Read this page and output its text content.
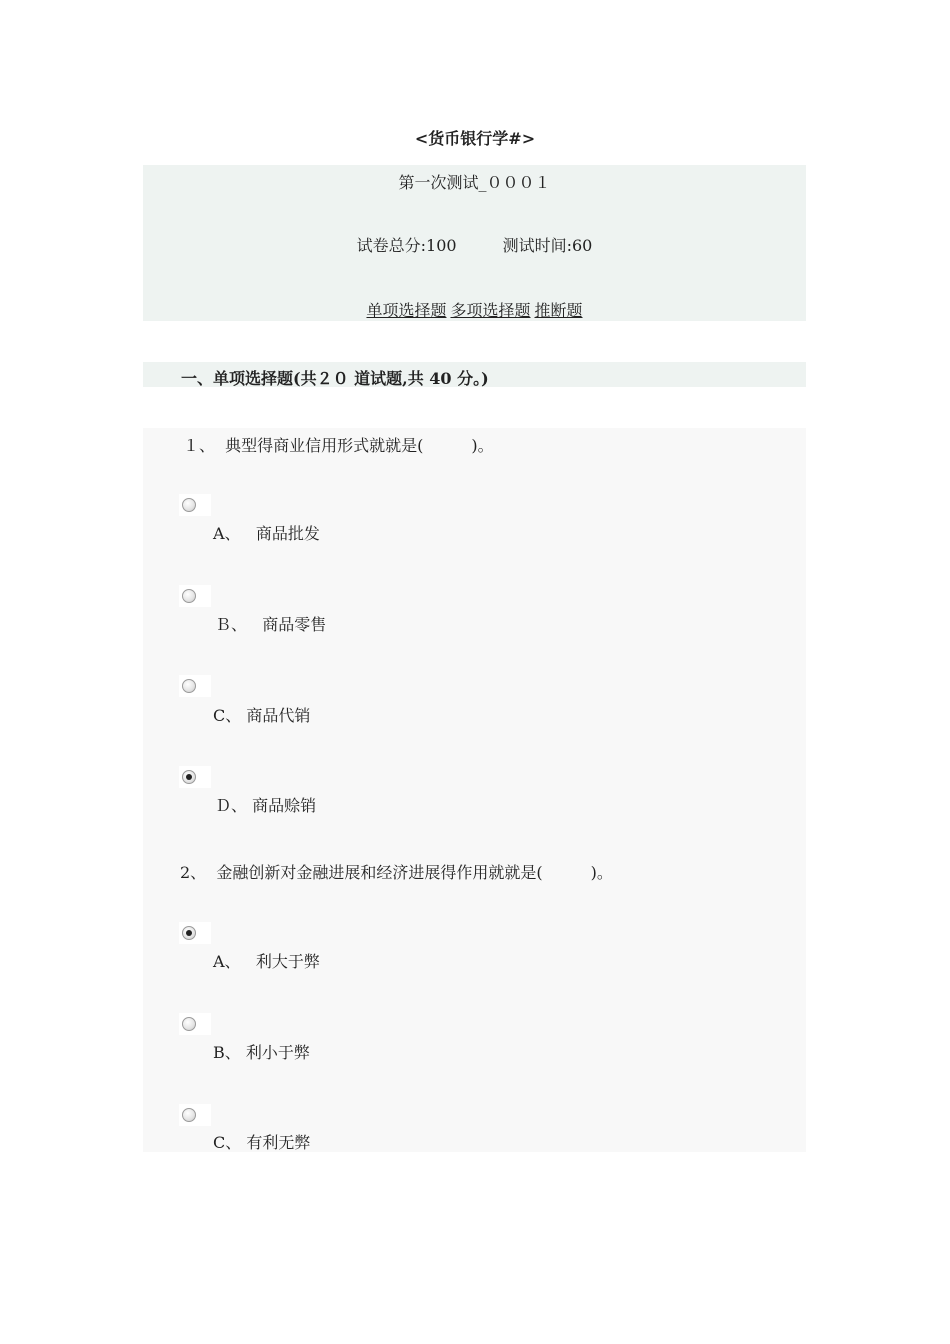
<货币银行学#>
第一次测试_０００１
试卷总分:100	测试时间:60
单项选择题 多项选择题 推断题
一、单项选择题(共２０ 道试题,共 40 分。)
１、  典型得商业信用形式就就是(　　　)。
A、   商品批发
Ｂ、   商品零售
C、 商品代销
Ｄ、 商品赊销
2、  金融创新对金融进展和经济进展得作用就就是(　　　)。
A、   利大于弊
B、 利小于弊
C、 有利无弊
